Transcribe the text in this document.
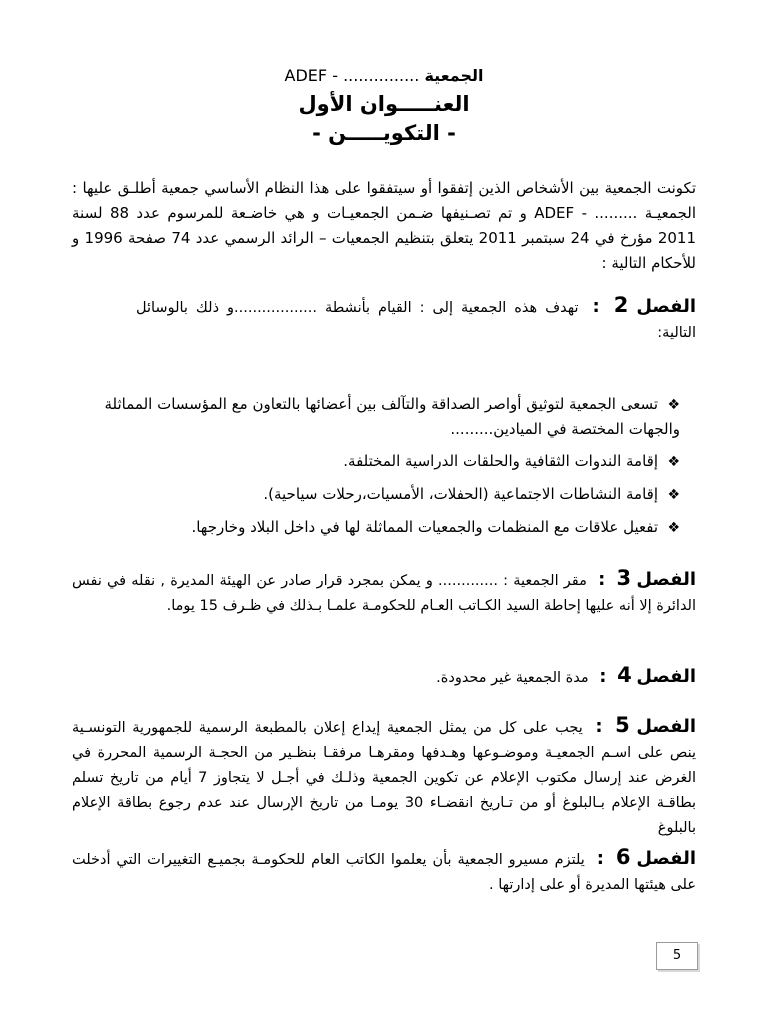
الجمعية ............... - ADEF
العنـــــوان الأول
- التكويـــــن -
تكونت الجمعية بين الأشخاص الذين إتفقوا أو سيتفقوا على هذا النظام الأساسي جمعية أطلـق عليها : الجمعيـة ......... - ADEF و تم تصـنيفها ضـمن الجمعيـات و هي خاضـعة للمرسوم عدد 88 لسنة 2011 مؤرخ في 24 سبتمبر 2011 يتعلق بتنظيم الجمعيات – الرائد الرسمي عدد 74 صفحة 1996 و للأحكام التالية :
الفصل 2 : تهدف هذه الجمعية إلى : القيام بأنشطة ..................و ذلك بالوسائل التالية:
❖تسعى الجمعية لتوثيق أواصر الصداقة والتآلف بين أعضائها بالتعاون مع المؤسسات المماثلة والجهات المختصة في الميادين.........
❖إقامة الندوات الثقافية والحلقات الدراسية المختلفة.
❖إقامة النشاطات الاجتماعية (الحفلات، الأمسيات،رحلات سياحية).
❖تفعيل علاقات مع المنظمات والجمعيات المماثلة لها في داخل البلاد وخارجها.
الفصل 3 : مقر الجمعية : ............. و يمكن بمجرد قرار صادر عن الهيئة المديرة , نقله في نفس الدائرة إلا أنه عليها إحاطة السيد الكـاتب العـام للحكومـة علمـا بـذلك في ظـرف 15 يوما.
الفصل 4 : مدة الجمعية غير محدودة.
الفصل 5 : يجب على كل من يمثل الجمعية إيداع إعلان بالمطبعة الرسمية للجمهورية التونسـية ينص على اسـم الجمعيـة وموضـوعها وهـدفها ومقرهـا مرفقـا بنظـير من الحجـة الرسمية المحررة في الغرض عند إرسال مكتوب الإعلام عن تكوين الجمعية وذلـك في أجـل لا يتجاوز 7 أيام من تاريخ تسلم بطاقـة الإعلام بـالبلوغ أو من تـاريخ انقضـاء 30 يومـا من تاريخ الإرسال عند عدم رجوع بطاقة الإعلام بالبلوغ
الفصل 6 : يلتزم مسيرو الجمعية بأن يعلموا الكاتب العام للحكومـة بجميـع التغييرات التي أدخلت على هيئتها المديرة أو على إدارتها .
5
